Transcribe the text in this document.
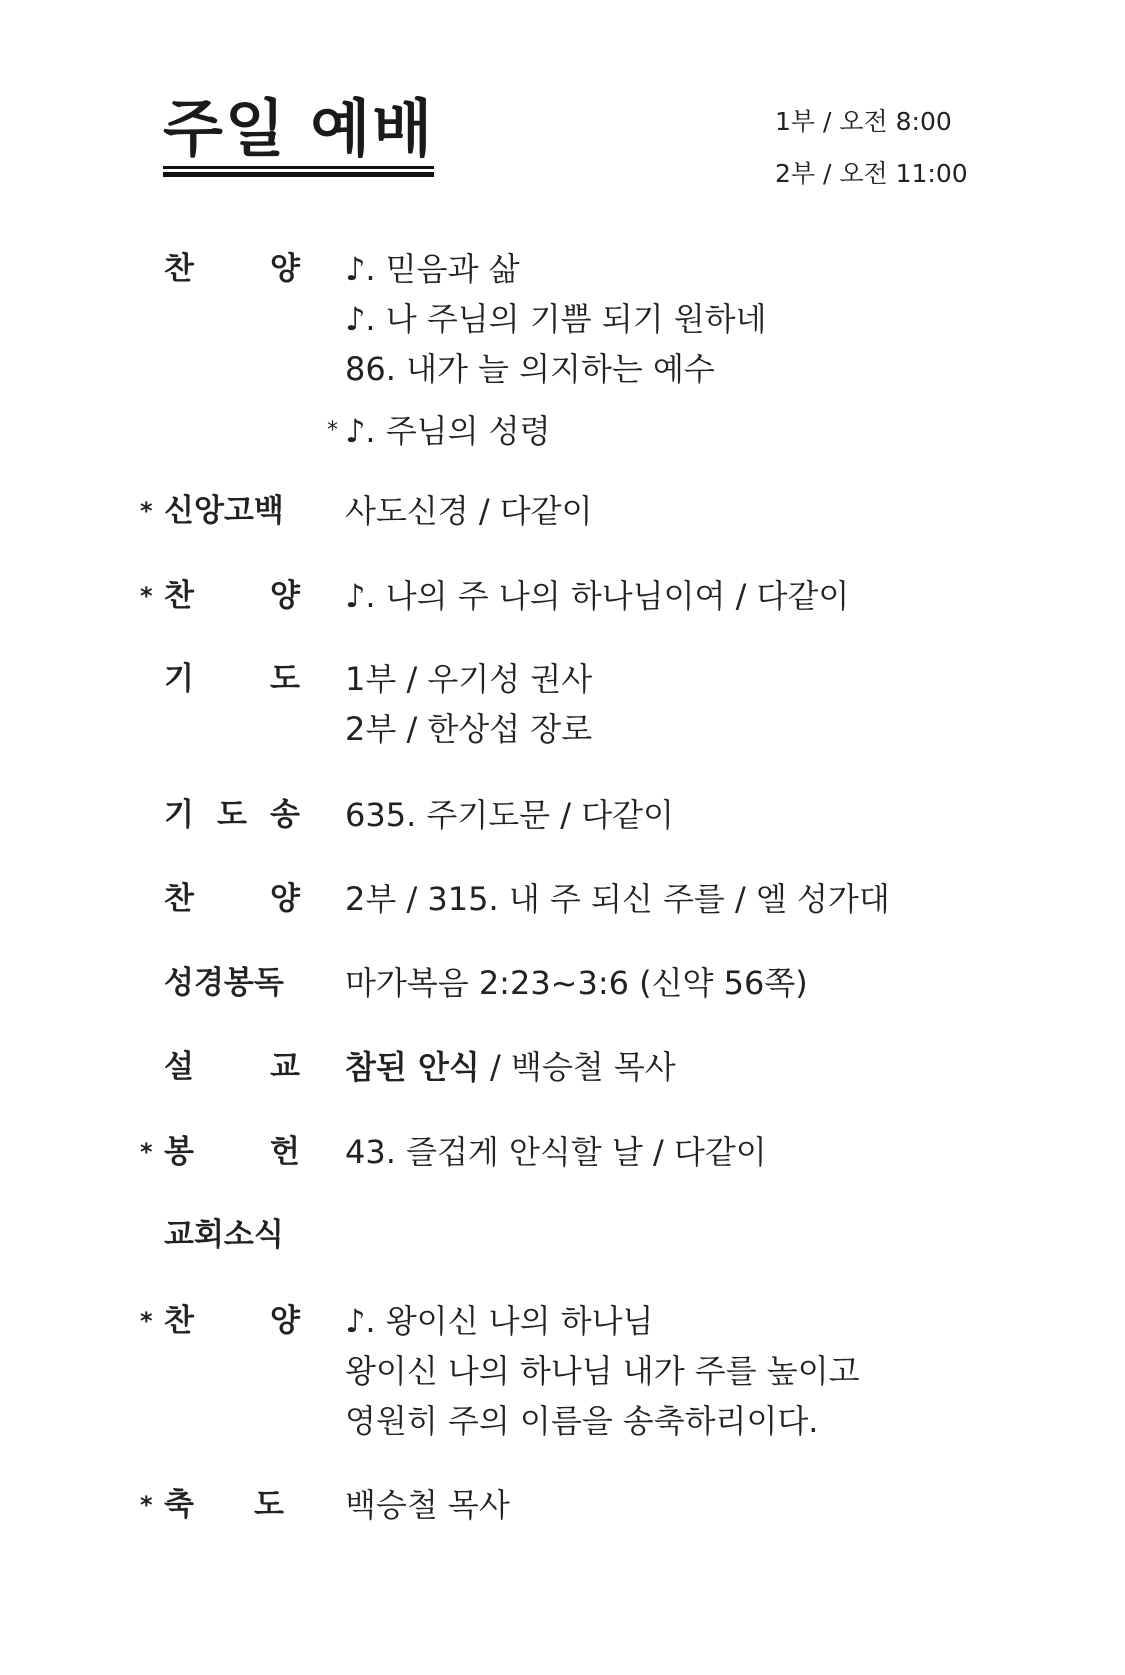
주일 예배	1부 / 오전 8:00
2부 / 오전 11:00
찬 양 ♪. 믿음과 삶
♪. 나 주님의 기쁨 되기 원하네
86. 내가 늘 의지하는 예수
* ♪. 주님의 성령
* 신앙고백 사도신경 / 다같이
* 찬 양 ♪. 나의 주 나의 하나님이여 / 다같이
기 도 1부 / 우기성 권사
2부 / 한상섭 장로
기 도 송 635. 주기도문 / 다같이
찬 양 2부 / 315. 내 주 되신 주를 / 엘 성가대
성경봉독 마가복음 2:23~3:6 (신약 56쪽)
설 교 참된 안식 / 백승철 목사
* 봉 헌 43. 즐겁게 안식할 날 / 다같이
교회소식
* 찬 양 ♪. 왕이신 나의 하나님
왕이신 나의 하나님 내가 주를 높이고
영원히 주의 이름을 송축하리이다.
* 축 도 백승철 목사
